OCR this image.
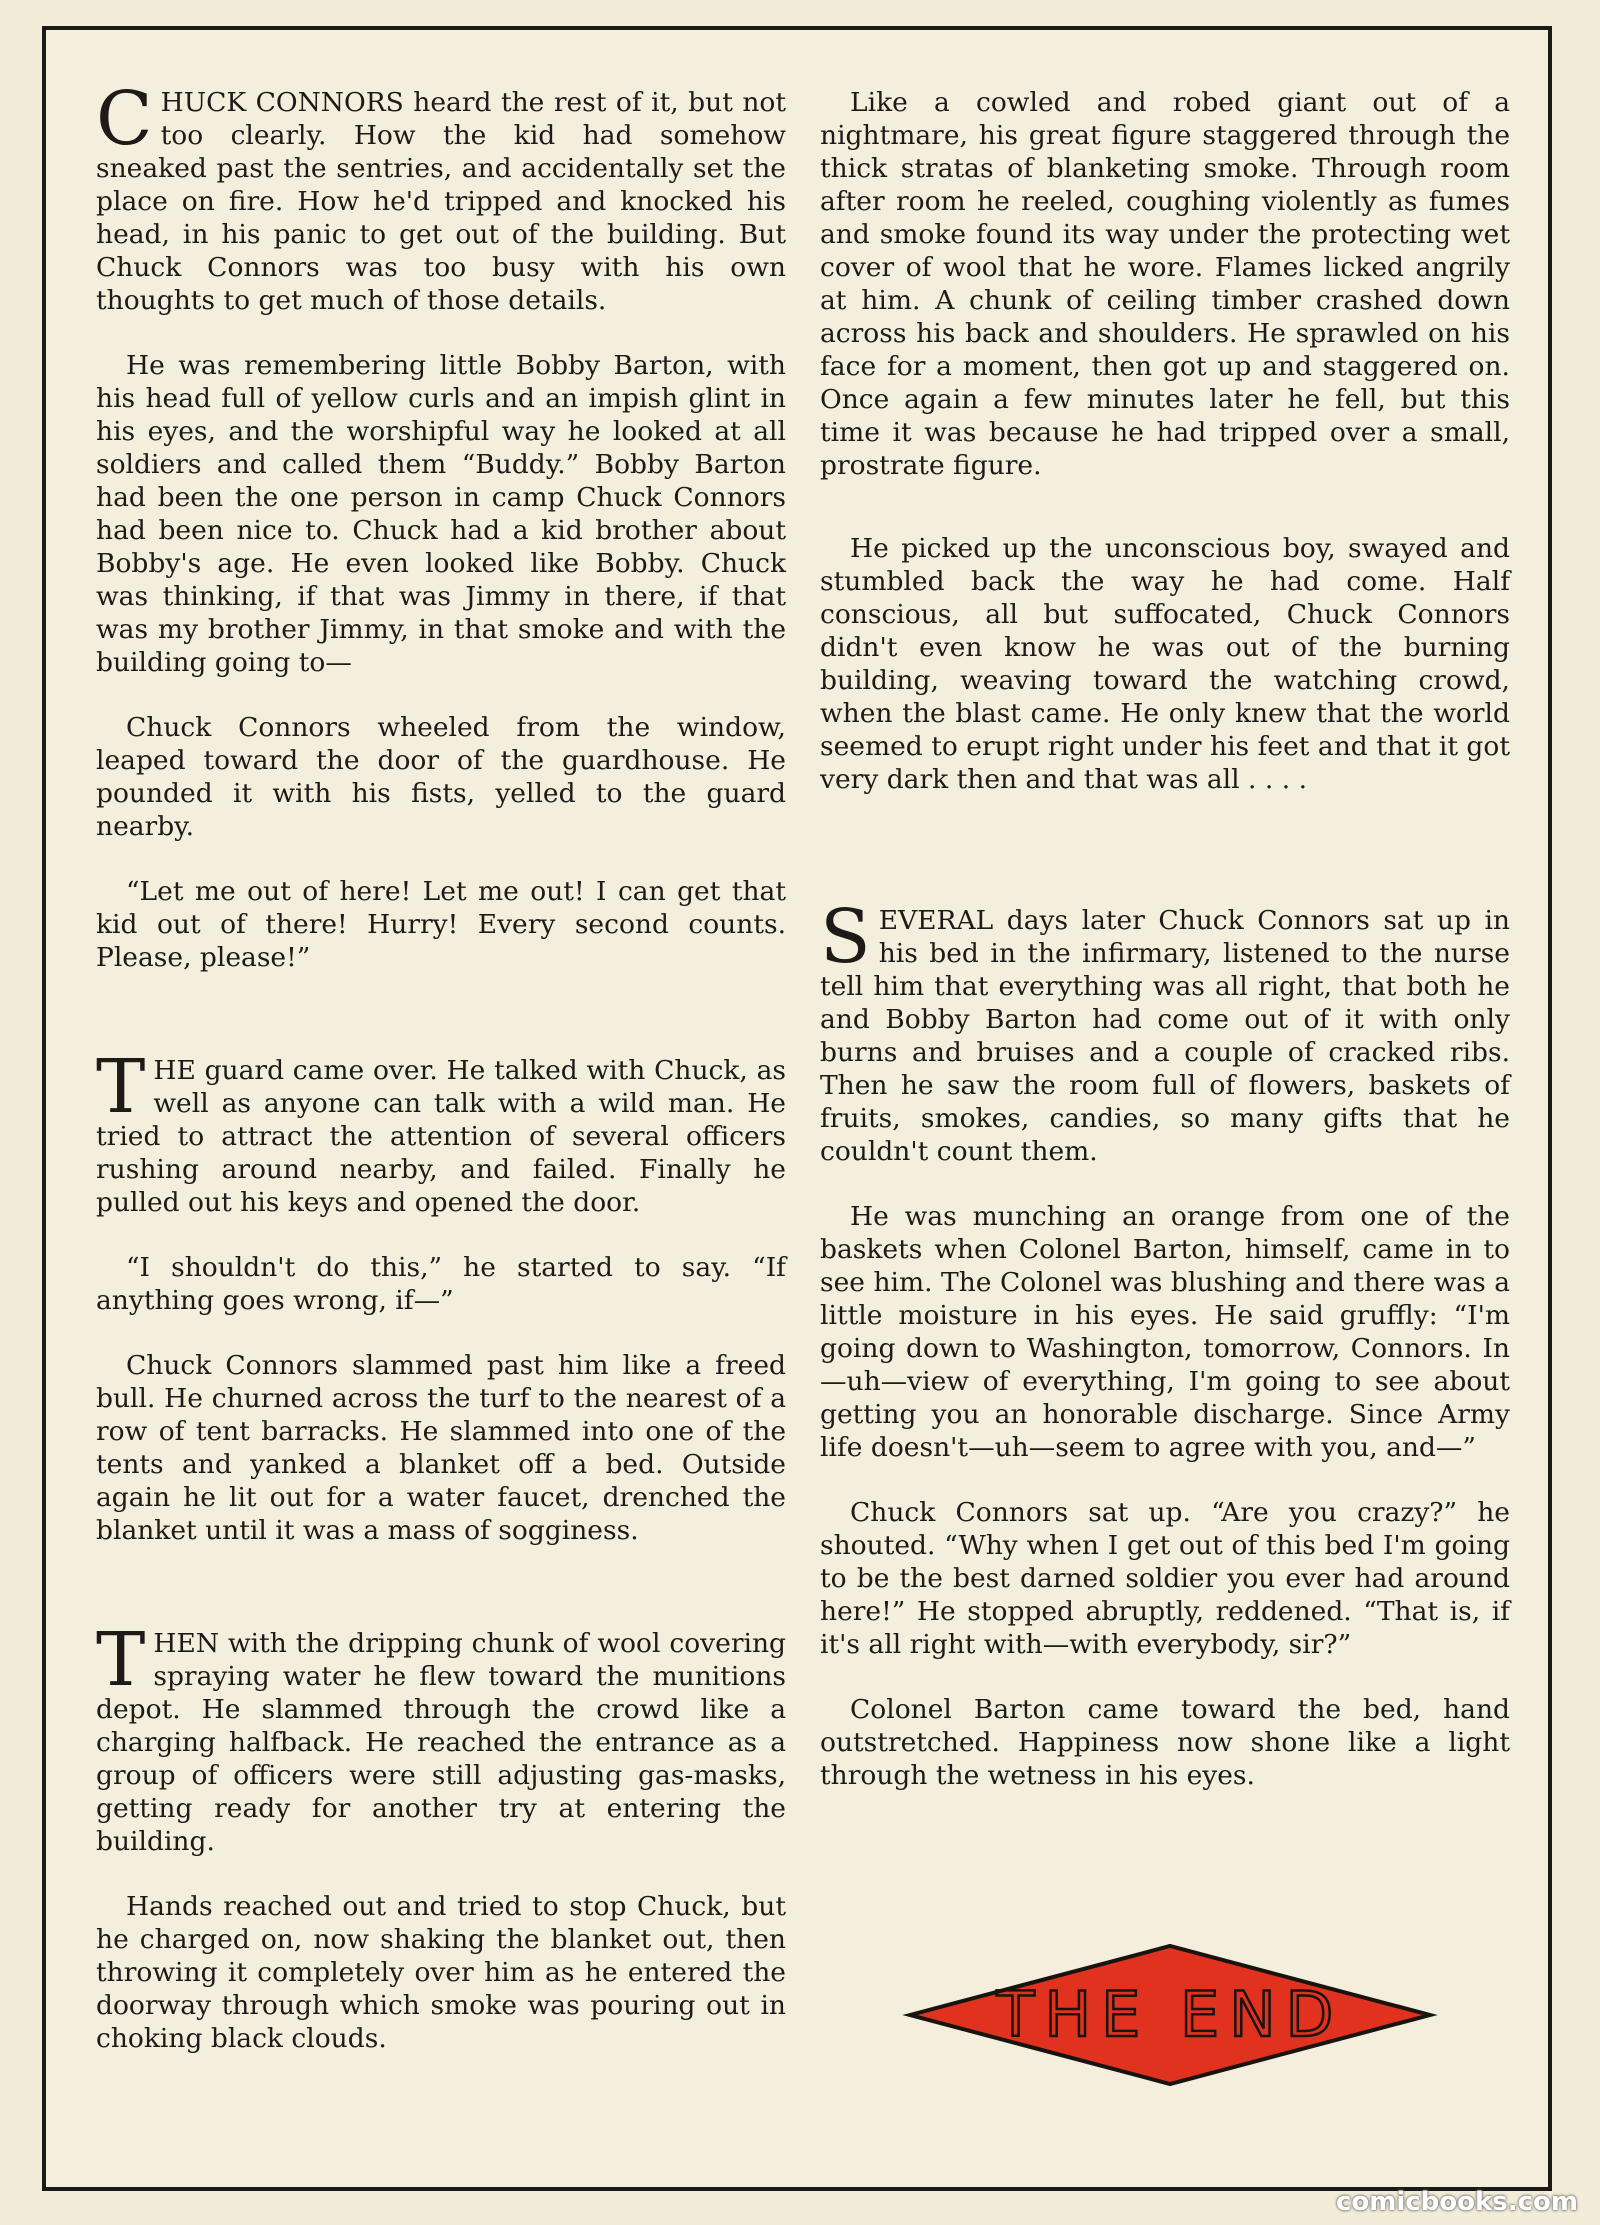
CHUCK CONNORS heard the rest of it, but not too clearly. How the kid had somehow sneaked past the sentries, and accidentally set the place on fire. How he'd tripped and knocked his head, in his panic to get out of the building. But Chuck Connors was too busy with his own thoughts to get much of those details.

He was remembering little Bobby Barton, with his head full of yellow curls and an impish glint in his eyes, and the worshipful way he looked at all soldiers and called them “Buddy.” Bobby Barton had been the one person in camp Chuck Connors had been nice to. Chuck had a kid brother about Bobby's age. He even looked like Bobby. Chuck was thinking, if that was Jimmy in there, if that was my brother Jimmy, in that smoke and with the building going to—

Chuck Connors wheeled from the window, leaped toward the door of the guardhouse. He pounded it with his fists, yelled to the guard nearby.

“Let me out of here! Let me out! I can get that kid out of there! Hurry! Every second counts. Please, please!”

THE guard came over. He talked with Chuck, as well as anyone can talk with a wild man. He tried to attract the attention of several officers rushing around nearby, and failed. Finally he pulled out his keys and opened the door.

“I shouldn't do this,” he started to say. “If anything goes wrong, if—”

Chuck Connors slammed past him like a freed bull. He churned across the turf to the nearest of a row of tent barracks. He slammed into one of the tents and yanked a blanket off a bed. Outside again he lit out for a water faucet, drenched the blanket until it was a mass of sogginess.

THEN with the dripping chunk of wool covering spraying water he flew toward the munitions depot. He slammed through the crowd like a charging halfback. He reached the entrance as a group of officers were still adjusting gas-masks, getting ready for another try at entering the building.

Hands reached out and tried to stop Chuck, but he charged on, now shaking the blanket out, then throwing it completely over him as he entered the doorway through which smoke was pouring out in choking black clouds.

Like a cowled and robed giant out of a nightmare, his great figure staggered through the thick stratas of blanketing smoke. Through room after room he reeled, coughing violently as fumes and smoke found its way under the protecting wet cover of wool that he wore. Flames licked angrily at him. A chunk of ceiling timber crashed down across his back and shoulders. He sprawled on his face for a moment, then got up and staggered on. Once again a few minutes later he fell, but this time it was because he had tripped over a small, prostrate figure.

He picked up the unconscious boy, swayed and stumbled back the way he had come. Half conscious, all but suffocated, Chuck Connors didn't even know he was out of the burning building, weaving toward the watching crowd, when the blast came. He only knew that the world seemed to erupt right under his feet and that it got very dark then and that was all . . . .

SEVERAL days later Chuck Connors sat up in his bed in the infirmary, listened to the nurse tell him that everything was all right, that both he and Bobby Barton had come out of it with only burns and bruises and a couple of cracked ribs. Then he saw the room full of flowers, baskets of fruits, smokes, candies, so many gifts that he couldn't count them.

He was munching an orange from one of the baskets when Colonel Barton, himself, came in to see him. The Colonel was blushing and there was a little moisture in his eyes. He said gruffly: “I'm going down to Washington, tomorrow, Connors. In—uh—view of everything, I'm going to see about getting you an honorable discharge. Since Army life doesn't—uh—seem to agree with you, and—”

Chuck Connors sat up. “Are you crazy?” he shouted. “Why when I get out of this bed I'm going to be the best darned soldier you ever had around here!” He stopped abruptly, reddened. “That is, if it's all right with—with everybody, sir?”

Colonel Barton came toward the bed, hand outstretched. Happiness now shone like a light through the wetness in his eyes.

THE END
comicbooks.com
